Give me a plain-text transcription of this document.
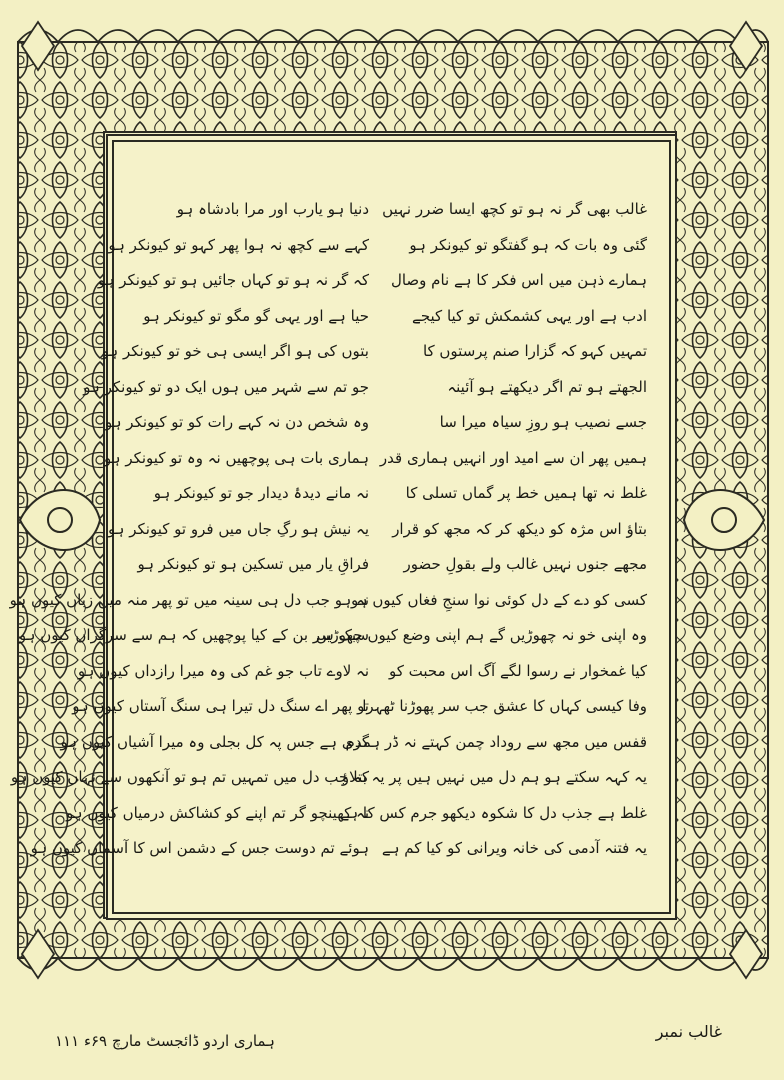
غالب بھی گر نہ ہو تو کچھ ایسا ضرر نہیں
گئی وہ بات کہ ہو گفتگو تو کیونکر ہو
ہمارے ذہن میں اس فکر کا ہے نام وصال
ادب ہے اور یہی کشمکش تو کیا کیجے
تمہیں کہو کہ گزارا صنم پرستوں کا
الجھتے ہو تم اگر دیکھتے ہو آئینہ
جسے نصیب ہو روزِ سیاہ میرا سا
ہمیں پھر ان سے امید اور انہیں ہماری قدر
غلط نہ تھا ہمیں خط پر گماں تسلی کا
بتاؤ اس مژہ کو دیکھ کر کہ مجھ کو قرار
مجھے جنوں نہیں غالب ولے بقولِ حضور
کسی کو دے کے دل کوئی نوا سنجِ فغاں کیوں ہو
وہ اپنی خو نہ چھوڑیں گے ہم اپنی وضع کیوں چھوڑیں
کیا غمخوار نے رسوا لگے آگ اس محبت کو
وفا کیسی کہاں کا عشق جب سر پھوڑنا ٹھہرا
قفس میں مجھ سے روداد چمن کہتے نہ ڈر ہمدم
یہ کہہ سکتے ہو ہم دل میں نہیں ہیں پر یہ بتلاؤ
غلط ہے جذب دل کا شکوہ دیکھو جرم کس کا ہے
یہ فتنہ آدمی کی خانہ ویرانی کو کیا کم ہے
دنیا ہو یارب اور مرا بادشاہ ہو
کہے سے کچھ نہ ہوا پھر کہو تو کیونکر ہو
کہ گر نہ ہو تو کہاں جائیں ہو تو کیونکر ہو
حیا ہے اور یہی گو مگو تو کیونکر ہو
بتوں کی ہو اگر ایسی ہی خو تو کیونکر ہو
جو تم سے شہر میں ہوں ایک دو تو کیونکر ہو
وہ شخص دن نہ کہے رات کو تو کیونکر ہو
ہماری بات ہی پوچھیں نہ وہ تو کیونکر ہو
نہ مانے دیدۂ دیدار جو تو کیونکر ہو
یہ نیش ہو رگِ جاں میں فرو تو کیونکر ہو
فراقِ یار میں تسکین ہو تو کیونکر ہو
نہ ہو جب دل ہی سینہ میں تو پھر منہ میں زباں کیوں ہو
سبک سر بن کے کیا پوچھیں کہ ہم سے سرگراں کیوں ہو
نہ لاوے تاب جو غم کی وہ میرا رازداں کیوں ہو
تو پھر اے سنگ دل تیرا ہی سنگ آستاں کیوں ہو
گری ہے جس پہ کل بجلی وہ میرا آشیاں کیوں ہو
کہ جب دل میں تمہیں تم ہو تو آنکھوں سے نہاں کیوں ہو
نہ کھینچو گر تم اپنے کو کشاکش درمیاں کیوں ہو
ہوئے تم دوست جس کے دشمن اس کا آسماں کیوں ہو
ہماری اردو ڈائجسٹ مارچ ۶۹ء ۱۱۱	غالب نمبر
